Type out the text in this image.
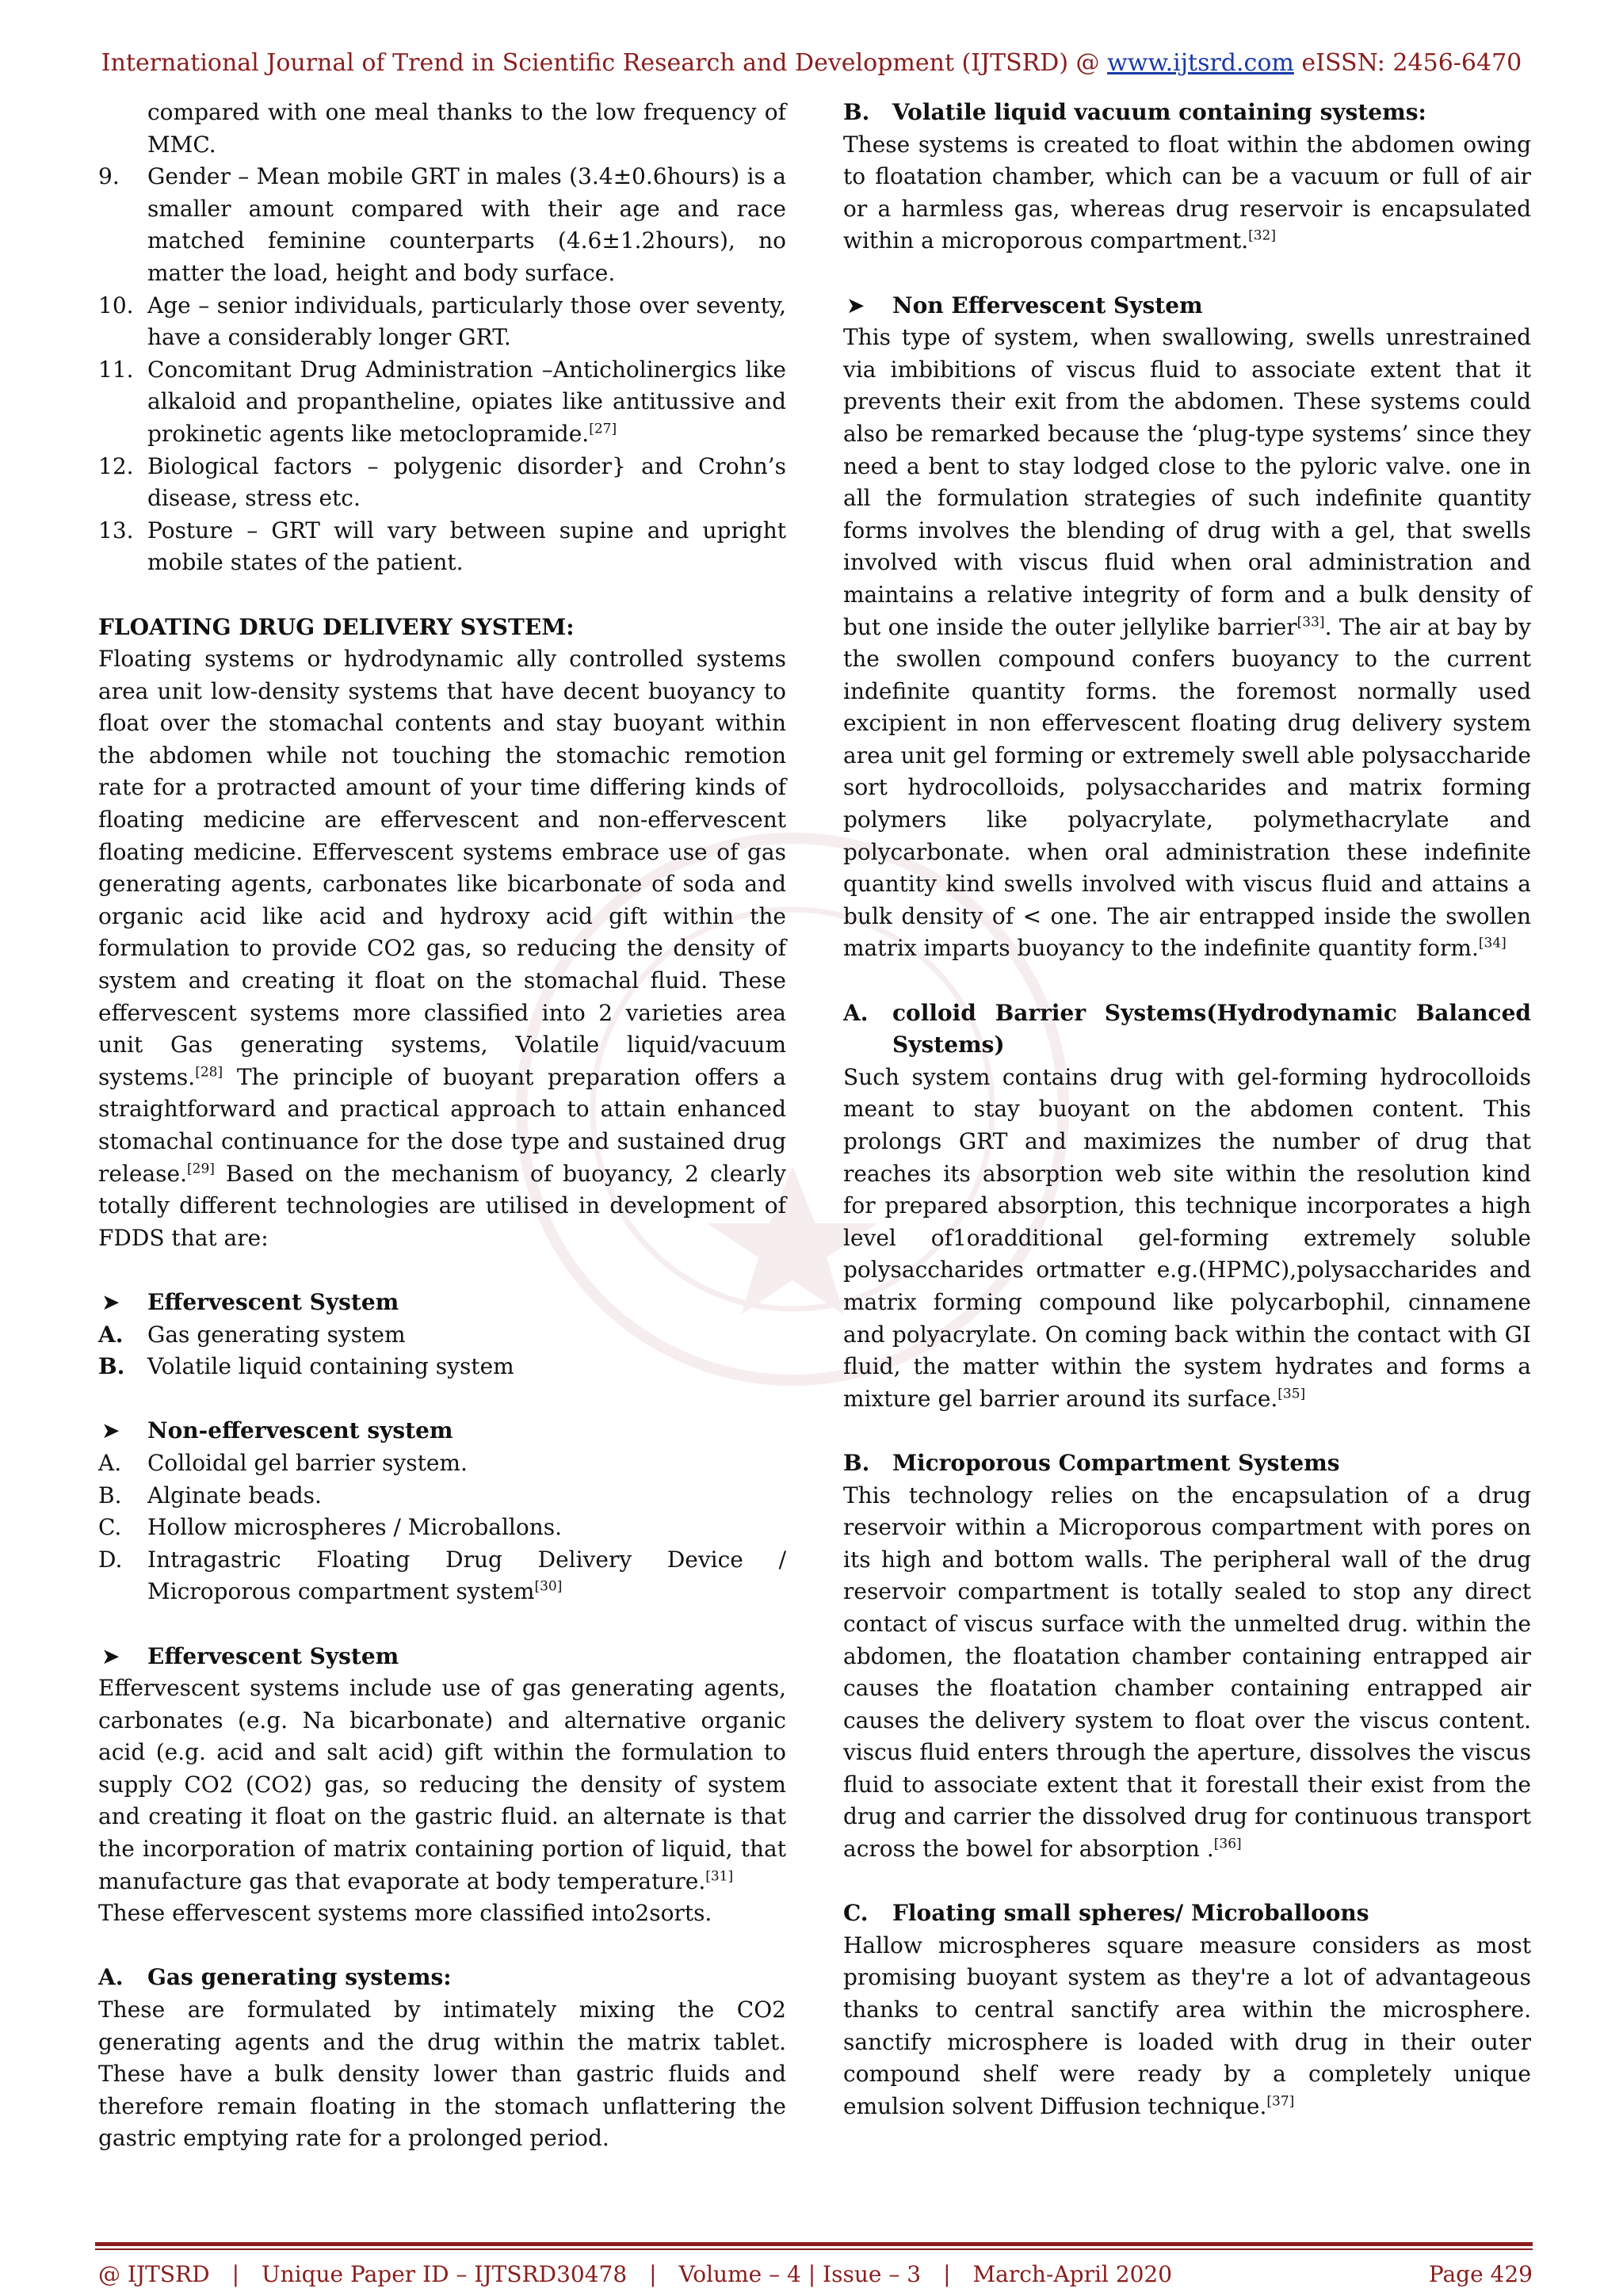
International Journal of Trend in Scientific Research and Development (IJTSRD) @ www.ijtsrd.com eISSN: 2456-6470

compared with one meal thanks to the low frequency of MMC.

9. Gender – Mean mobile GRT in males (3.4±0.6hours) is a smaller amount compared with their age and race matched feminine counterparts (4.6±1.2hours), no matter the load, height and body surface.
10. Age – senior individuals, particularly those over seventy, have a considerably longer GRT.
11. Concomitant Drug Administration –Anticholinergics like alkaloid and propantheline, opiates like antitussive and prokinetic agents like metoclopramide.[27]
12. Biological factors – polygenic disorder} and Crohn’s disease, stress etc.
13. Posture – GRT will vary between supine and upright mobile states of the patient.

FLOATING DRUG DELIVERY SYSTEM:

Floating systems or hydrodynamic ally controlled systems area unit low-density systems that have decent buoyancy to float over the stomachal contents and stay buoyant within the abdomen while not touching the stomachic remotion rate for a protracted amount of your time differing kinds of floating medicine are effervescent and non-effervescent floating medicine. Effervescent systems embrace use of gas generating agents, carbonates like bicarbonate of soda and organic acid like acid and hydroxy acid gift within the formulation to provide CO2 gas, so reducing the density of system and creating it float on the stomachal fluid. These effervescent systems more classified into 2 varieties area unit Gas generating systems, Volatile liquid/vacuum systems.[28] The principle of buoyant preparation offers a straightforward and practical approach to attain enhanced stomachal continuance for the dose type and sustained drug release.[29] Based on the mechanism of buoyancy, 2 clearly totally different technologies are utilised in development of FDDS that are:

➤ Effervescent System
A. Gas generating system
B. Volatile liquid containing system
➤ Non-effervescent system
A. Colloidal gel barrier system.
B. Alginate beads.
C. Hollow microspheres / Microballons.
D. Intragastric Floating Drug Delivery Device / Microporous compartment system[30]
➤ Effervescent System

Effervescent systems include use of gas generating agents, carbonates (e.g. Na bicarbonate) and alternative organic acid (e.g. acid and salt acid) gift within the formulation to supply CO2 (CO2) gas, so reducing the density of system and creating it float on the gastric fluid. an alternate is that the incorporation of matrix containing portion of liquid, that manufacture gas that evaporate at body temperature.[31]

These effervescent systems more classified into2sorts.

A. Gas generating systems:

These are formulated by intimately mixing the CO2 generating agents and the drug within the matrix tablet. These have a bulk density lower than gastric fluids and therefore remain floating in the stomach unflattering the gastric emptying rate for a prolonged period.

B. Volatile liquid vacuum containing systems:

These systems is created to float within the abdomen owing to floatation chamber, which can be a vacuum or full of air or a harmless gas, whereas drug reservoir is encapsulated within a microporous compartment.[32]

➤ Non Effervescent System

This type of system, when swallowing, swells unrestrained via imbibitions of viscus fluid to associate extent that it prevents their exit from the abdomen. These systems could also be remarked because the ‘plug-type systems’ since they need a bent to stay lodged close to the pyloric valve. one in all the formulation strategies of such indefinite quantity forms involves the blending of drug with a gel, that swells involved with viscus fluid when oral administration and maintains a relative integrity of form and a bulk density of but one inside the outer jellylike barrier[33]. The air at bay by the swollen compound confers buoyancy to the current indefinite quantity forms. the foremost normally used excipient in non effervescent floating drug delivery system area unit gel forming or extremely swell able polysaccharide sort hydrocolloids, polysaccharides and matrix forming polymers like polyacrylate, polymethacrylate and polycarbonate. when oral administration these indefinite quantity kind swells involved with viscus fluid and attains a bulk density of < one. The air entrapped inside the swollen matrix imparts buoyancy to the indefinite quantity form.[34]

A. colloid Barrier Systems(Hydrodynamic Balanced Systems)

Such system contains drug with gel-forming hydrocolloids meant to stay buoyant on the abdomen content. This prolongs GRT and maximizes the number of drug that reaches its absorption web site within the resolution kind for prepared absorption, this technique incorporates a high level of1oradditional gel-forming extremely soluble polysaccharides ortmatter e.g.(HPMC),polysaccharides and matrix forming compound like polycarbophil, cinnamene and polyacrylate. On coming back within the contact with GI fluid, the matter within the system hydrates and forms a mixture gel barrier around its surface.[35]

B. Microporous Compartment Systems

This technology relies on the encapsulation of a drug reservoir within a Microporous compartment with pores on its high and bottom walls. The peripheral wall of the drug reservoir compartment is totally sealed to stop any direct contact of viscus surface with the unmelted drug. within the abdomen, the floatation chamber containing entrapped air causes the floatation chamber containing entrapped air causes the delivery system to float over the viscus content. viscus fluid enters through the aperture, dissolves the viscus fluid to associate extent that it forestall their exist from the drug and carrier the dissolved drug for continuous transport across the bowel for absorption .[36]

C. Floating small spheres/ Microballoons

Hallow microspheres square measure considers as most promising buoyant system as they're a lot of advantageous thanks to central sanctify area within the microsphere. sanctify microsphere is loaded with drug in their outer compound shelf were ready by a completely unique emulsion solvent Diffusion technique.[37]

@ IJTSRD | Unique Paper ID – IJTSRD30478 | Volume – 4 | Issue – 3 | March-April 2020	Page 429
